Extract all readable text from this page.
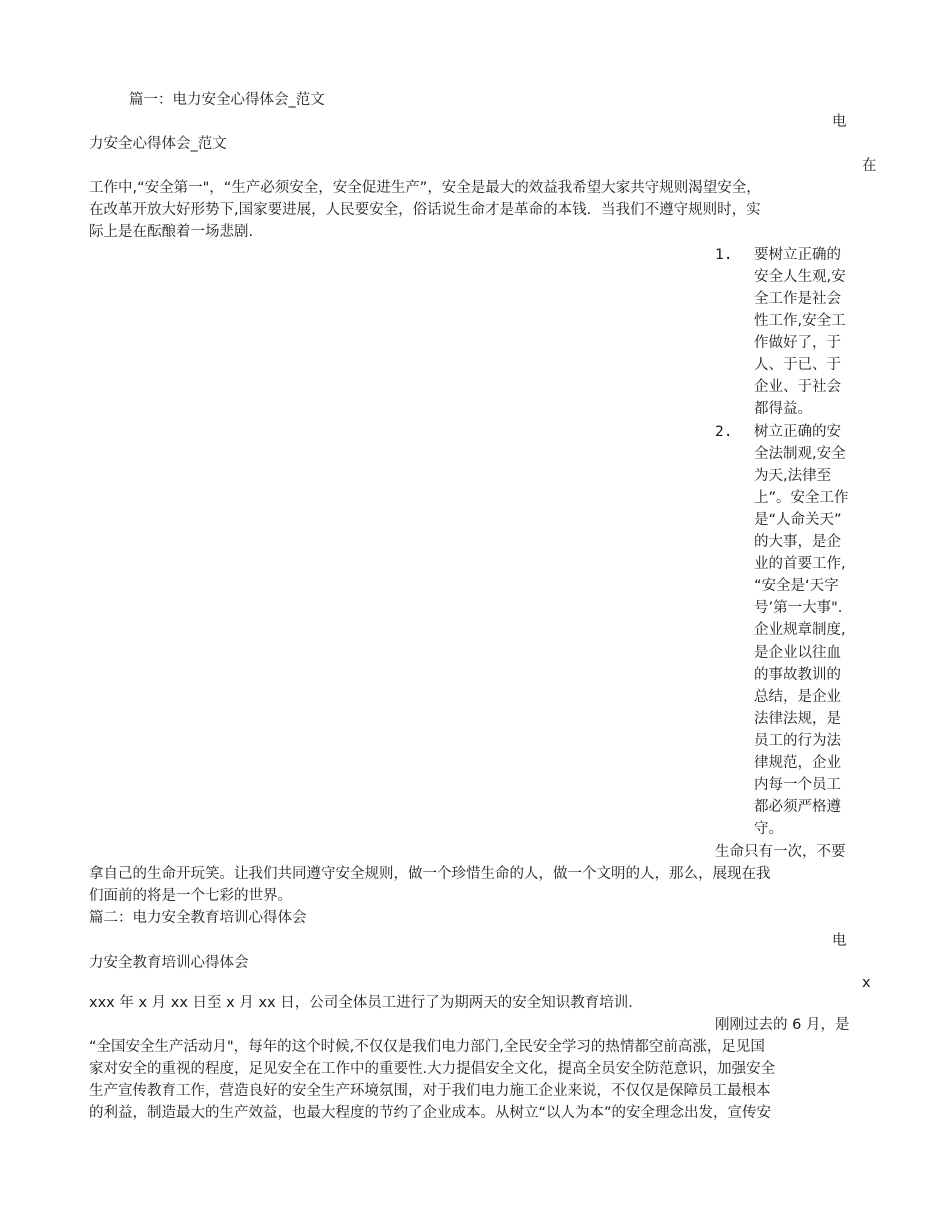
篇一：电力安全心得体会_范文
电
力安全心得体会_范文
在
工作中,“安全第一"，“生产必须安全，安全促进生产”，安全是最大的效益我希望大家共守规则渴望安全，
在改革开放大好形势下,国家要进展，人民要安全，俗话说生命才是革命的本钱．当我们不遵守规则时，实
际上是在酝酿着一场悲剧.
1. 要树立正确的
安全人生观,安
全工作是社会
性工作,安全工
作做好了，于
人、于已、于
企业、于社会
都得益。
2. 树立正确的安
全法制观,安全
为天,法律至
上”。安全工作
是“人命关天”
的大事，是企
业的首要工作,
“安全是‘天字
号’第一大事".
企业规章制度,
是企业以往血
的事故教训的
总结，是企业
法律法规，是
员工的行为法
律规范，企业
内每一个员工
都必须严格遵
守。
生命只有一次，不要
拿自己的生命开玩笑。让我们共同遵守安全规则，做一个珍惜生命的人，做一个文明的人，那么，展现在我
们面前的将是一个七彩的世界。
篇二：电力安全教育培训心得体会
电
力安全教育培训心得体会
x
xxx 年 x 月 xx 日至 x 月 xx 日，公司全体员工进行了为期两天的安全知识教育培训.
刚刚过去的 6 月，是
“全国安全生产活动月"，每年的这个时候,不仅仅是我们电力部门,全民安全学习的热情都空前高涨，足见国
家对安全的重视的程度，足见安全在工作中的重要性.大力提倡安全文化，提高全员安全防范意识，加强安全
生产宣传教育工作，营造良好的安全生产环境氛围，对于我们电力施工企业来说，不仅仅是保障员工最根本
的利益，制造最大的生产效益，也最大程度的节约了企业成本。从树立“以人为本”的安全理念出发，宣传安
